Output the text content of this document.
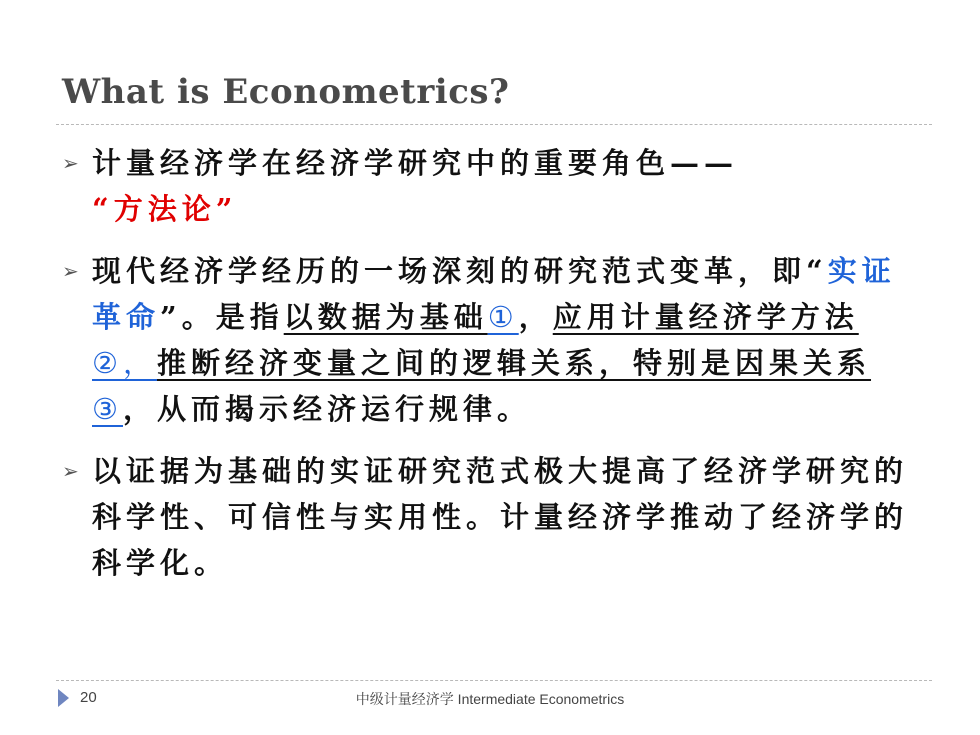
What is Econometrics?
➢ 计量经济学在经济学研究中的重要角色——
“方法论”
➢ 现代经济学经历的一场深刻的研究范式变革，即“实证革命”。是指以数据为基础①，应用计量经济学方法②，推断经济变量之间的逻辑关系，特别是因果关系③，从而揭示经济运行规律。
➢ 以证据为基础的实证研究范式极大提高了经济学研究的科学性、可信性与实用性。计量经济学推动了经济学的科学化。
20	中级计量经济学 Intermediate Econometrics
